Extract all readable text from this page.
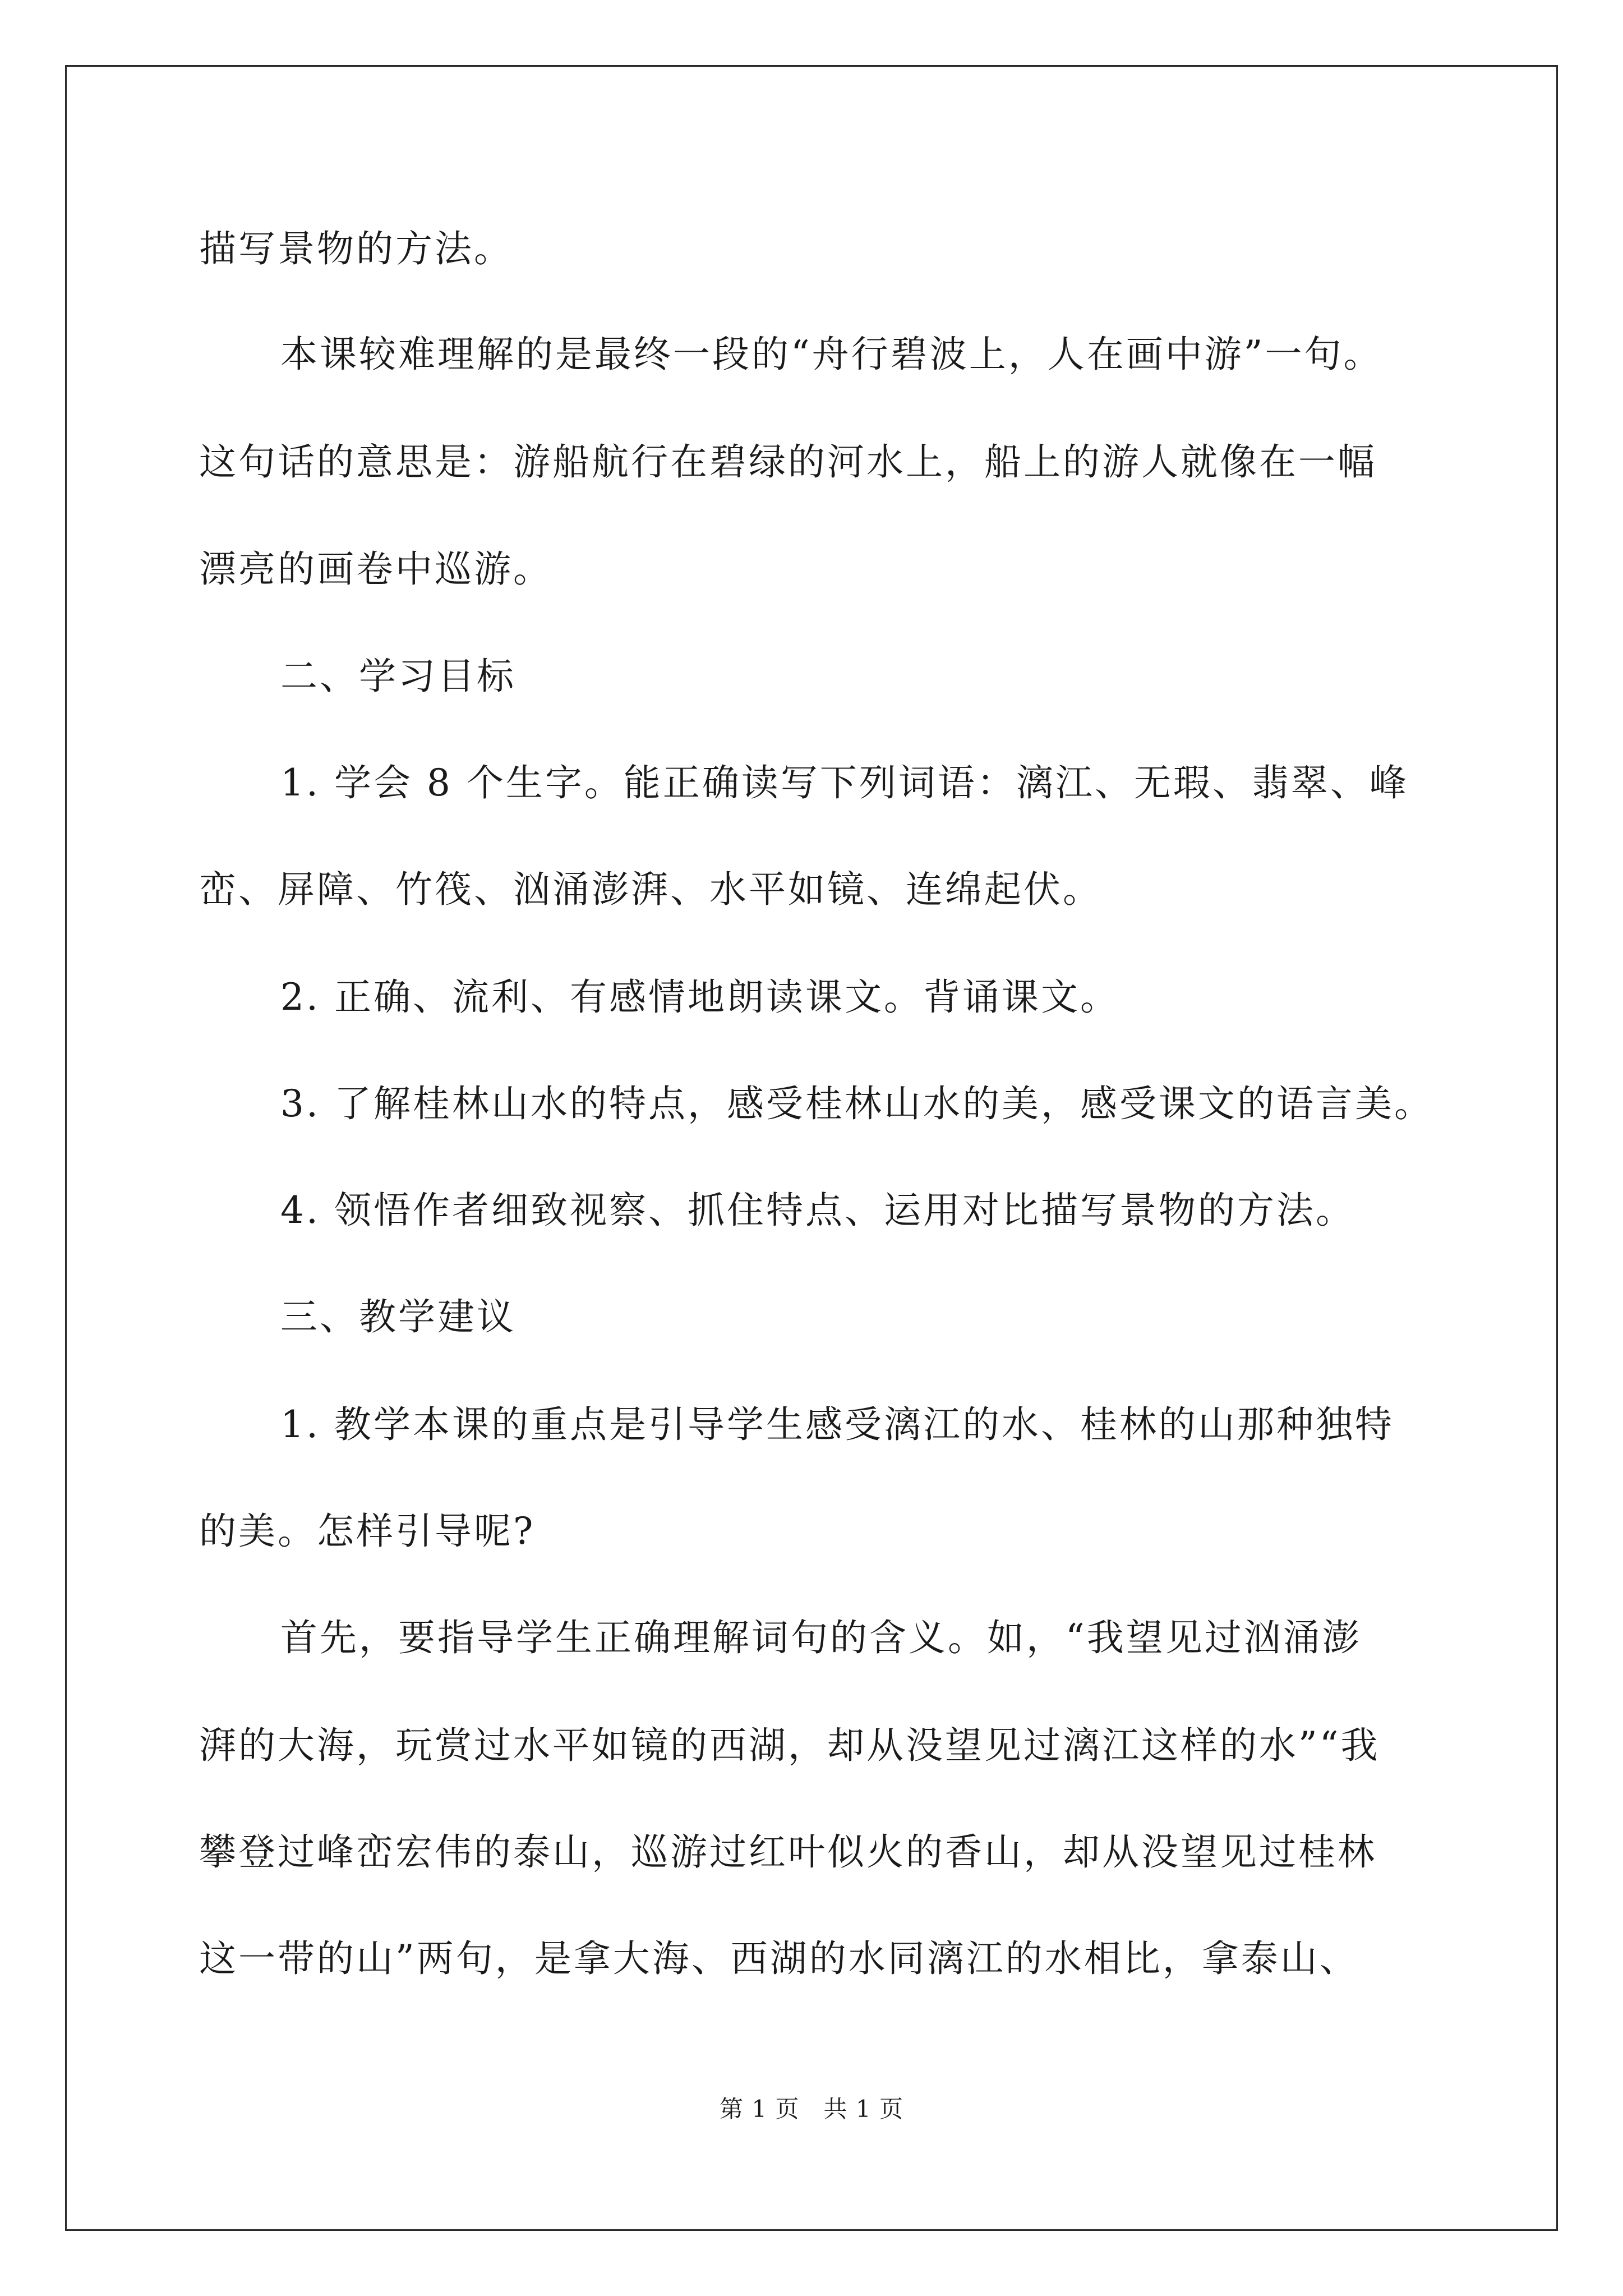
描写景物的方法。
本课较难理解的是最终一段的“舟行碧波上，人在画中游”一句。
这句话的意思是：游船航行在碧绿的河水上，船上的游人就像在一幅
漂亮的画卷中巡游。
二、学习目标
1. 学会 8 个生字。能正确读写下列词语：漓江、无瑕、翡翠、峰
峦、屏障、竹筏、汹涌澎湃、水平如镜、连绵起伏。
2. 正确、流利、有感情地朗读课文。背诵课文。
3. 了解桂林山水的特点，感受桂林山水的美，感受课文的语言美。
4. 领悟作者细致视察、抓住特点、运用对比描写景物的方法。
三、教学建议
1. 教学本课的重点是引导学生感受漓江的水、桂林的山那种独特
的美。怎样引导呢?
首先，要指导学生正确理解词句的含义。如，“我望见过汹涌澎
湃的大海，玩赏过水平如镜的西湖，却从没望见过漓江这样的水”“我
攀登过峰峦宏伟的泰山，巡游过红叶似火的香山，却从没望见过桂林
这一带的山”两句，是拿大海、西湖的水同漓江的水相比，拿泰山、
第 1 页   共 1 页
